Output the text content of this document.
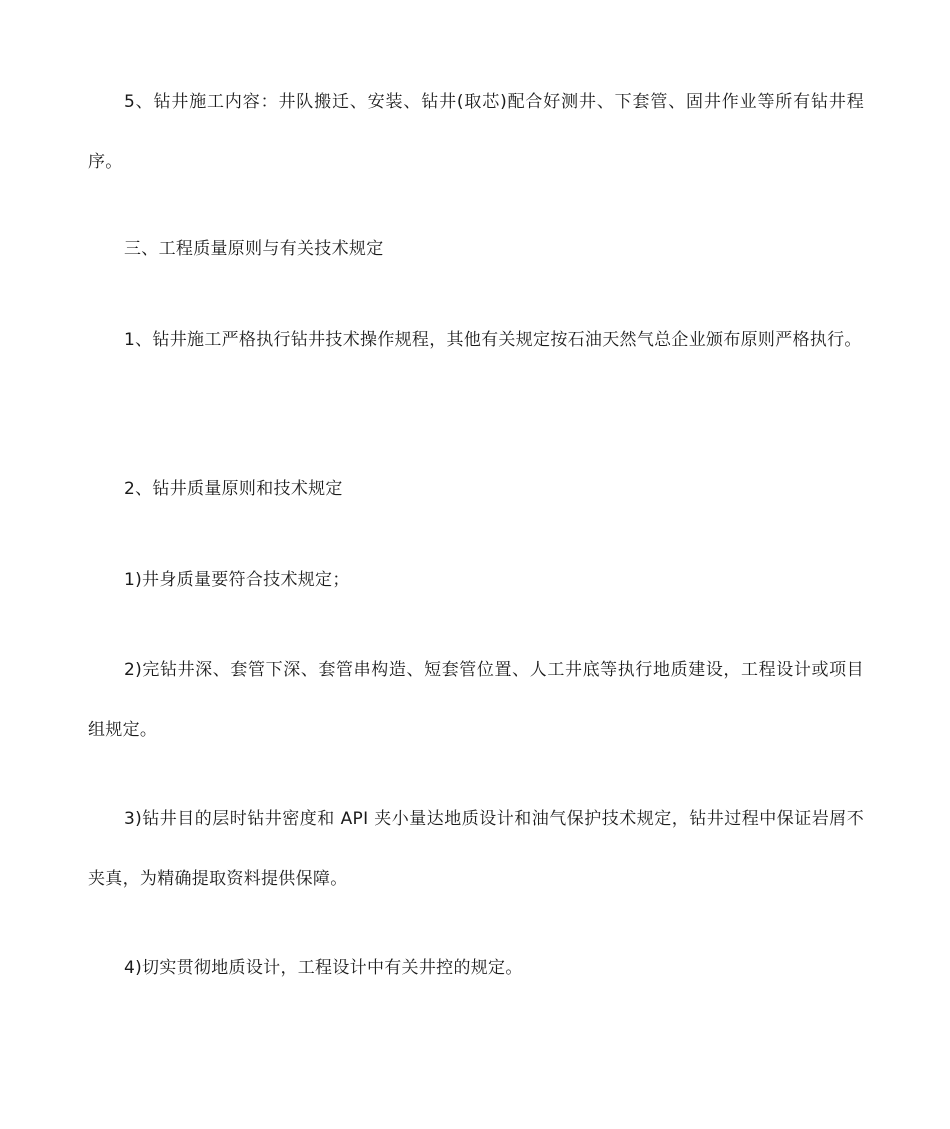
5、钻井施工内容：井队搬迁、安装、钻井(取芯)配合好测井、下套管、固井作业等所有钻井程序。

三、工程质量原则与有关技术规定

1、钻井施工严格执行钻井技术操作规程，其他有关规定按石油天然气总企业颁布原则严格执行。

2、钻井质量原则和技术规定

1)井身质量要符合技术规定；

2)完钻井深、套管下深、套管串构造、短套管位置、人工井底等执行地质建设，工程设计或项目组规定。

3)钻井目的层时钻井密度和 API 夹小量达地质设计和油气保护技术规定，钻井过程中保证岩屑不夹真，为精确提取资料提供保障。

4)切实贯彻地质设计，工程设计中有关井控的规定。
